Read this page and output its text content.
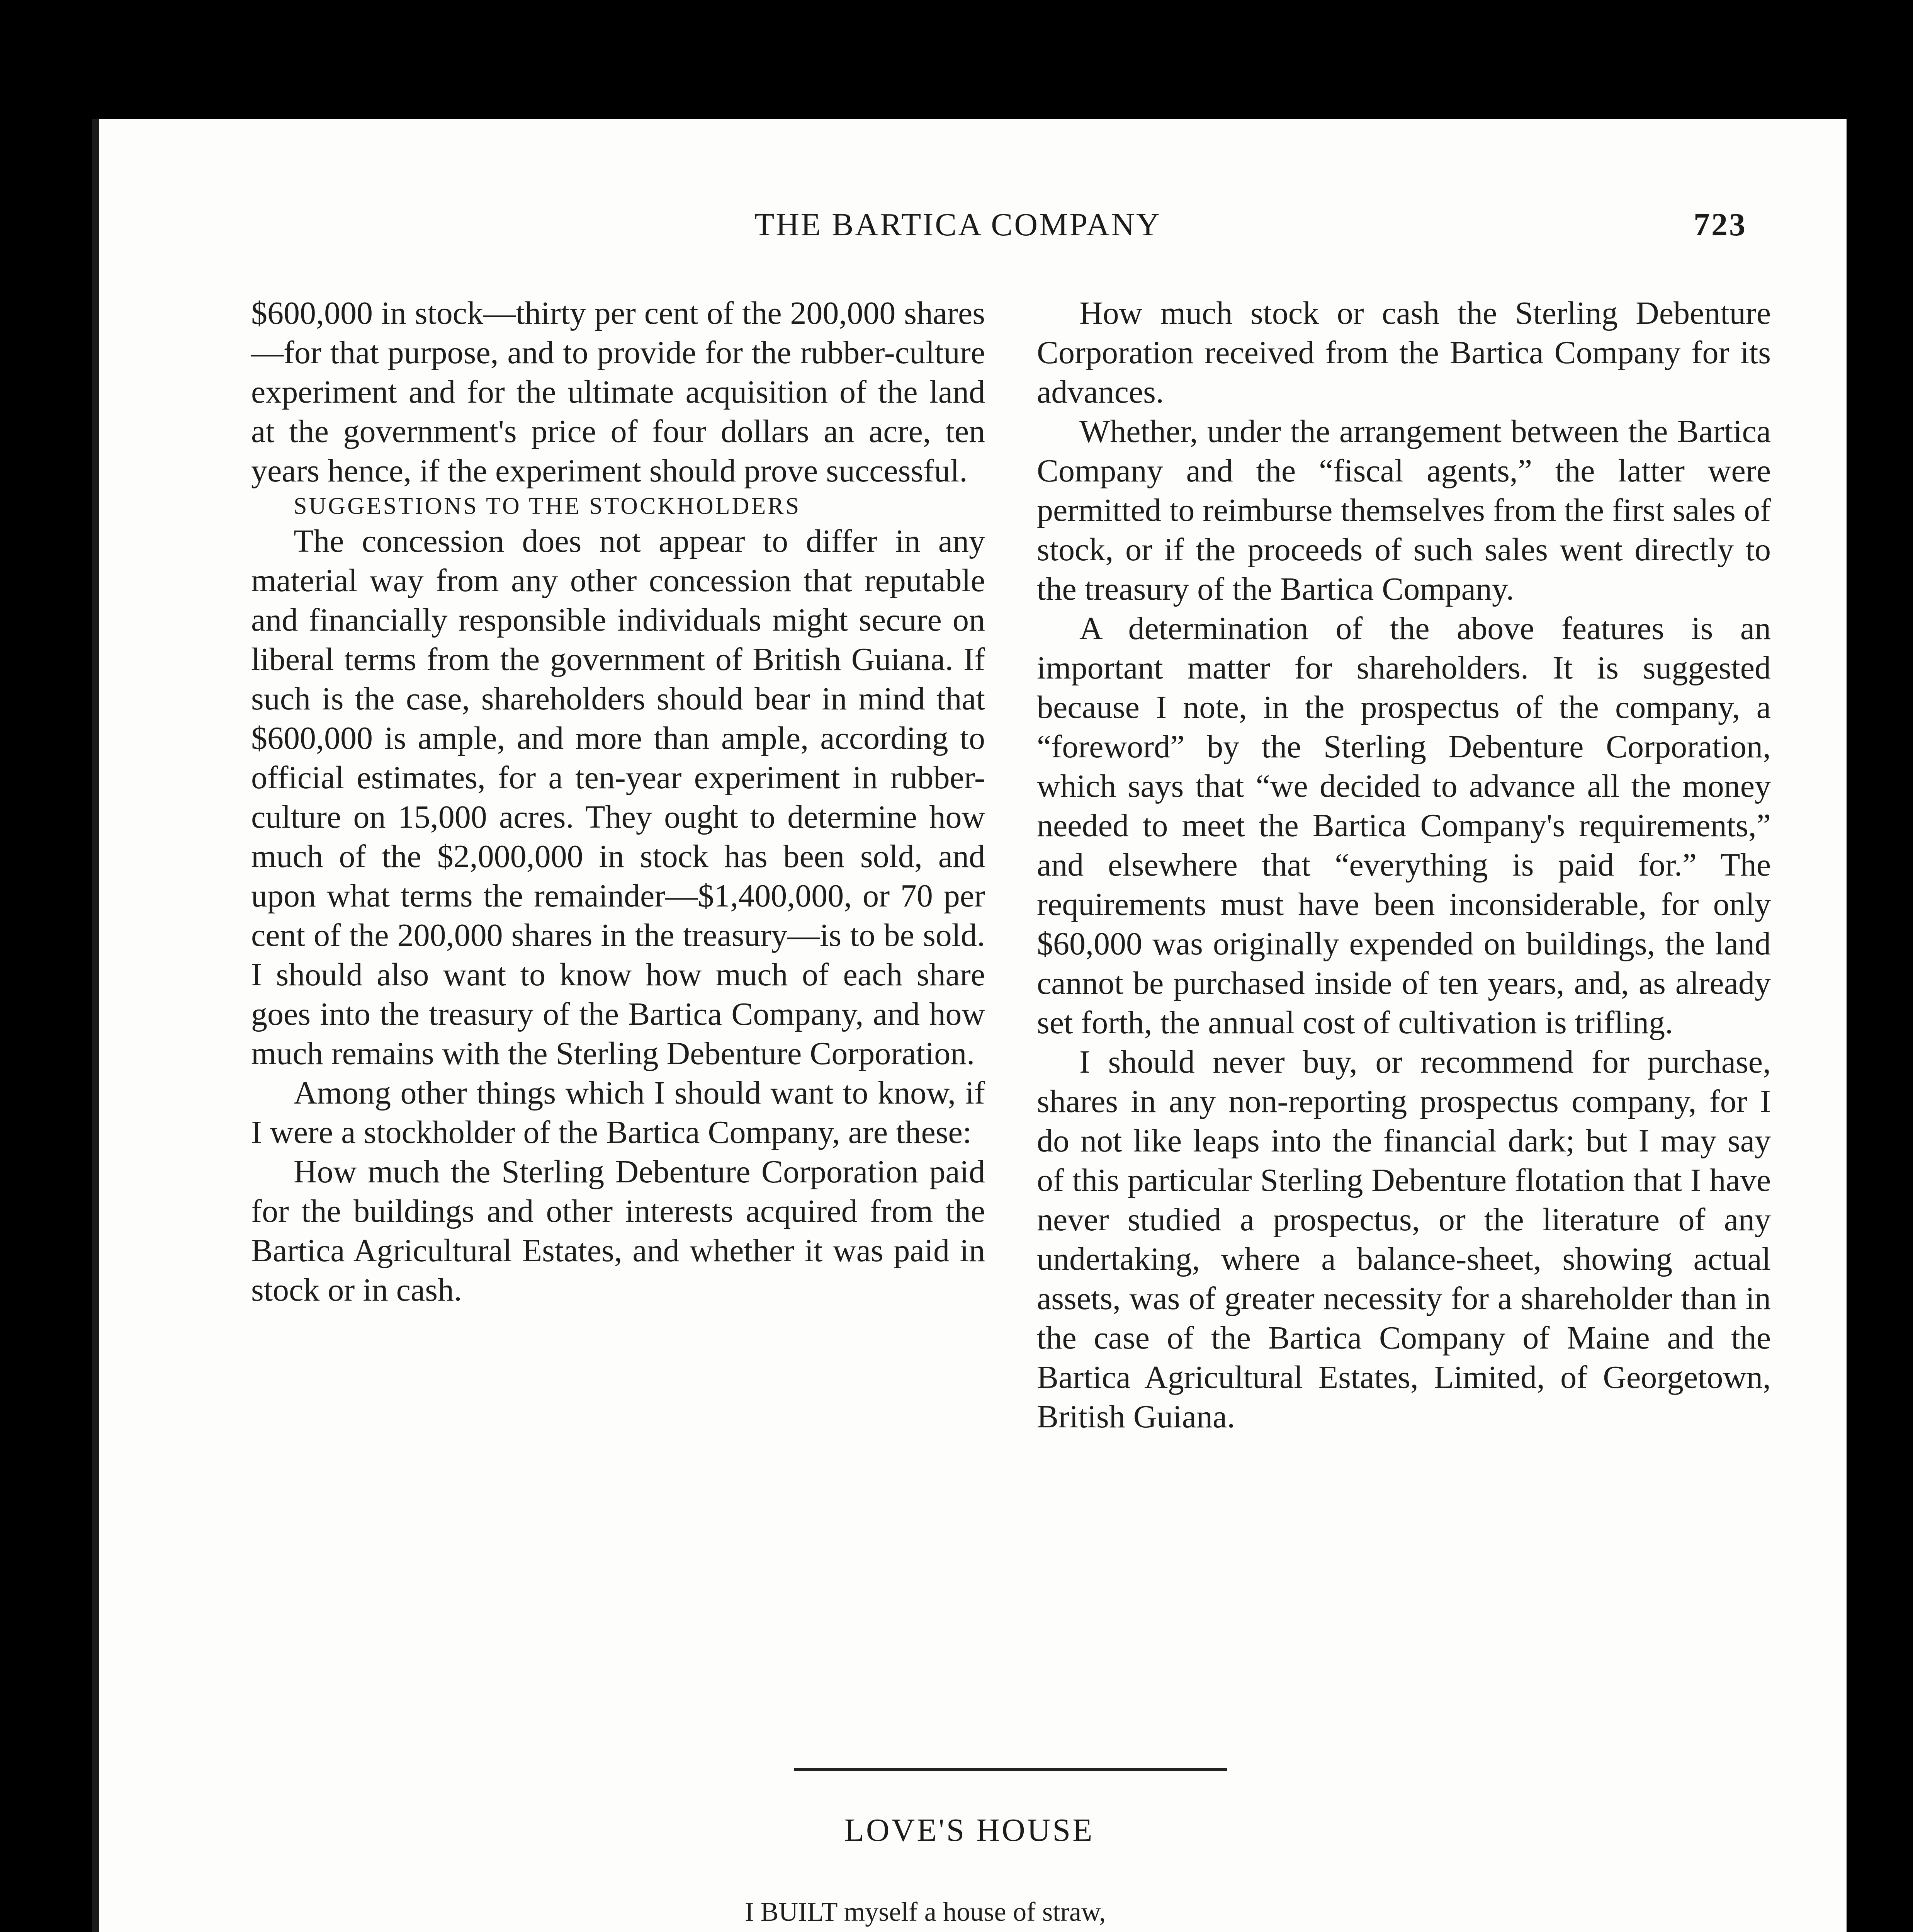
THE BARTICA COMPANY	723

$600,000 in stock—thirty per cent of the 200,000 shares—for that purpose, and to provide for the rubber-culture experiment and for the ultimate acquisition of the land at the government's price of four dollars an acre, ten years hence, if the experiment should prove successful.

SUGGESTIONS TO THE STOCKHOLDERS

The concession does not appear to differ in any material way from any other concession that reputable and financially responsible individuals might secure on liberal terms from the government of British Guiana. If such is the case, shareholders should bear in mind that $600,000 is ample, and more than ample, according to official estimates, for a ten-year experiment in rubber-culture on 15,000 acres. They ought to determine how much of the $2,000,000 in stock has been sold, and upon what terms the remainder—$1,400,000, or 70 per cent of the 200,000 shares in the treasury—is to be sold. I should also want to know how much of each share goes into the treasury of the Bartica Company, and how much remains with the Sterling Debenture Corporation.

Among other things which I should want to know, if I were a stockholder of the Bartica Company, are these:

How much the Sterling Debenture Corporation paid for the buildings and other interests acquired from the Bartica Agricultural Estates, and whether it was paid in stock or in cash.

How much stock or cash the Sterling Debenture Corporation received from the Bartica Company for its advances.

Whether, under the arrangement between the Bartica Company and the “fiscal agents,” the latter were permitted to reimburse themselves from the first sales of stock, or if the proceeds of such sales went directly to the treasury of the Bartica Company.

A determination of the above features is an important matter for shareholders. It is suggested because I note, in the prospectus of the company, a “foreword” by the Sterling Debenture Corporation, which says that “we decided to advance all the money needed to meet the Bartica Company's requirements,” and elsewhere that “everything is paid for.” The requirements must have been inconsiderable, for only $60,000 was originally expended on buildings, the land cannot be purchased inside of ten years, and, as already set forth, the annual cost of cultivation is trifling.

I should never buy, or recommend for purchase, shares in any non-reporting prospectus company, for I do not like leaps into the financial dark; but I may say of this particular Sterling Debenture flotation that I have never studied a prospectus, or the literature of any undertaking, where a balance-sheet, showing actual assets, was of greater necessity for a shareholder than in the case of the Bartica Company of Maine and the Bartica Agricultural Estates, Limited, of Georgetown, British Guiana.

LOVE'S HOUSE
I BUILT myself a house of straw,
